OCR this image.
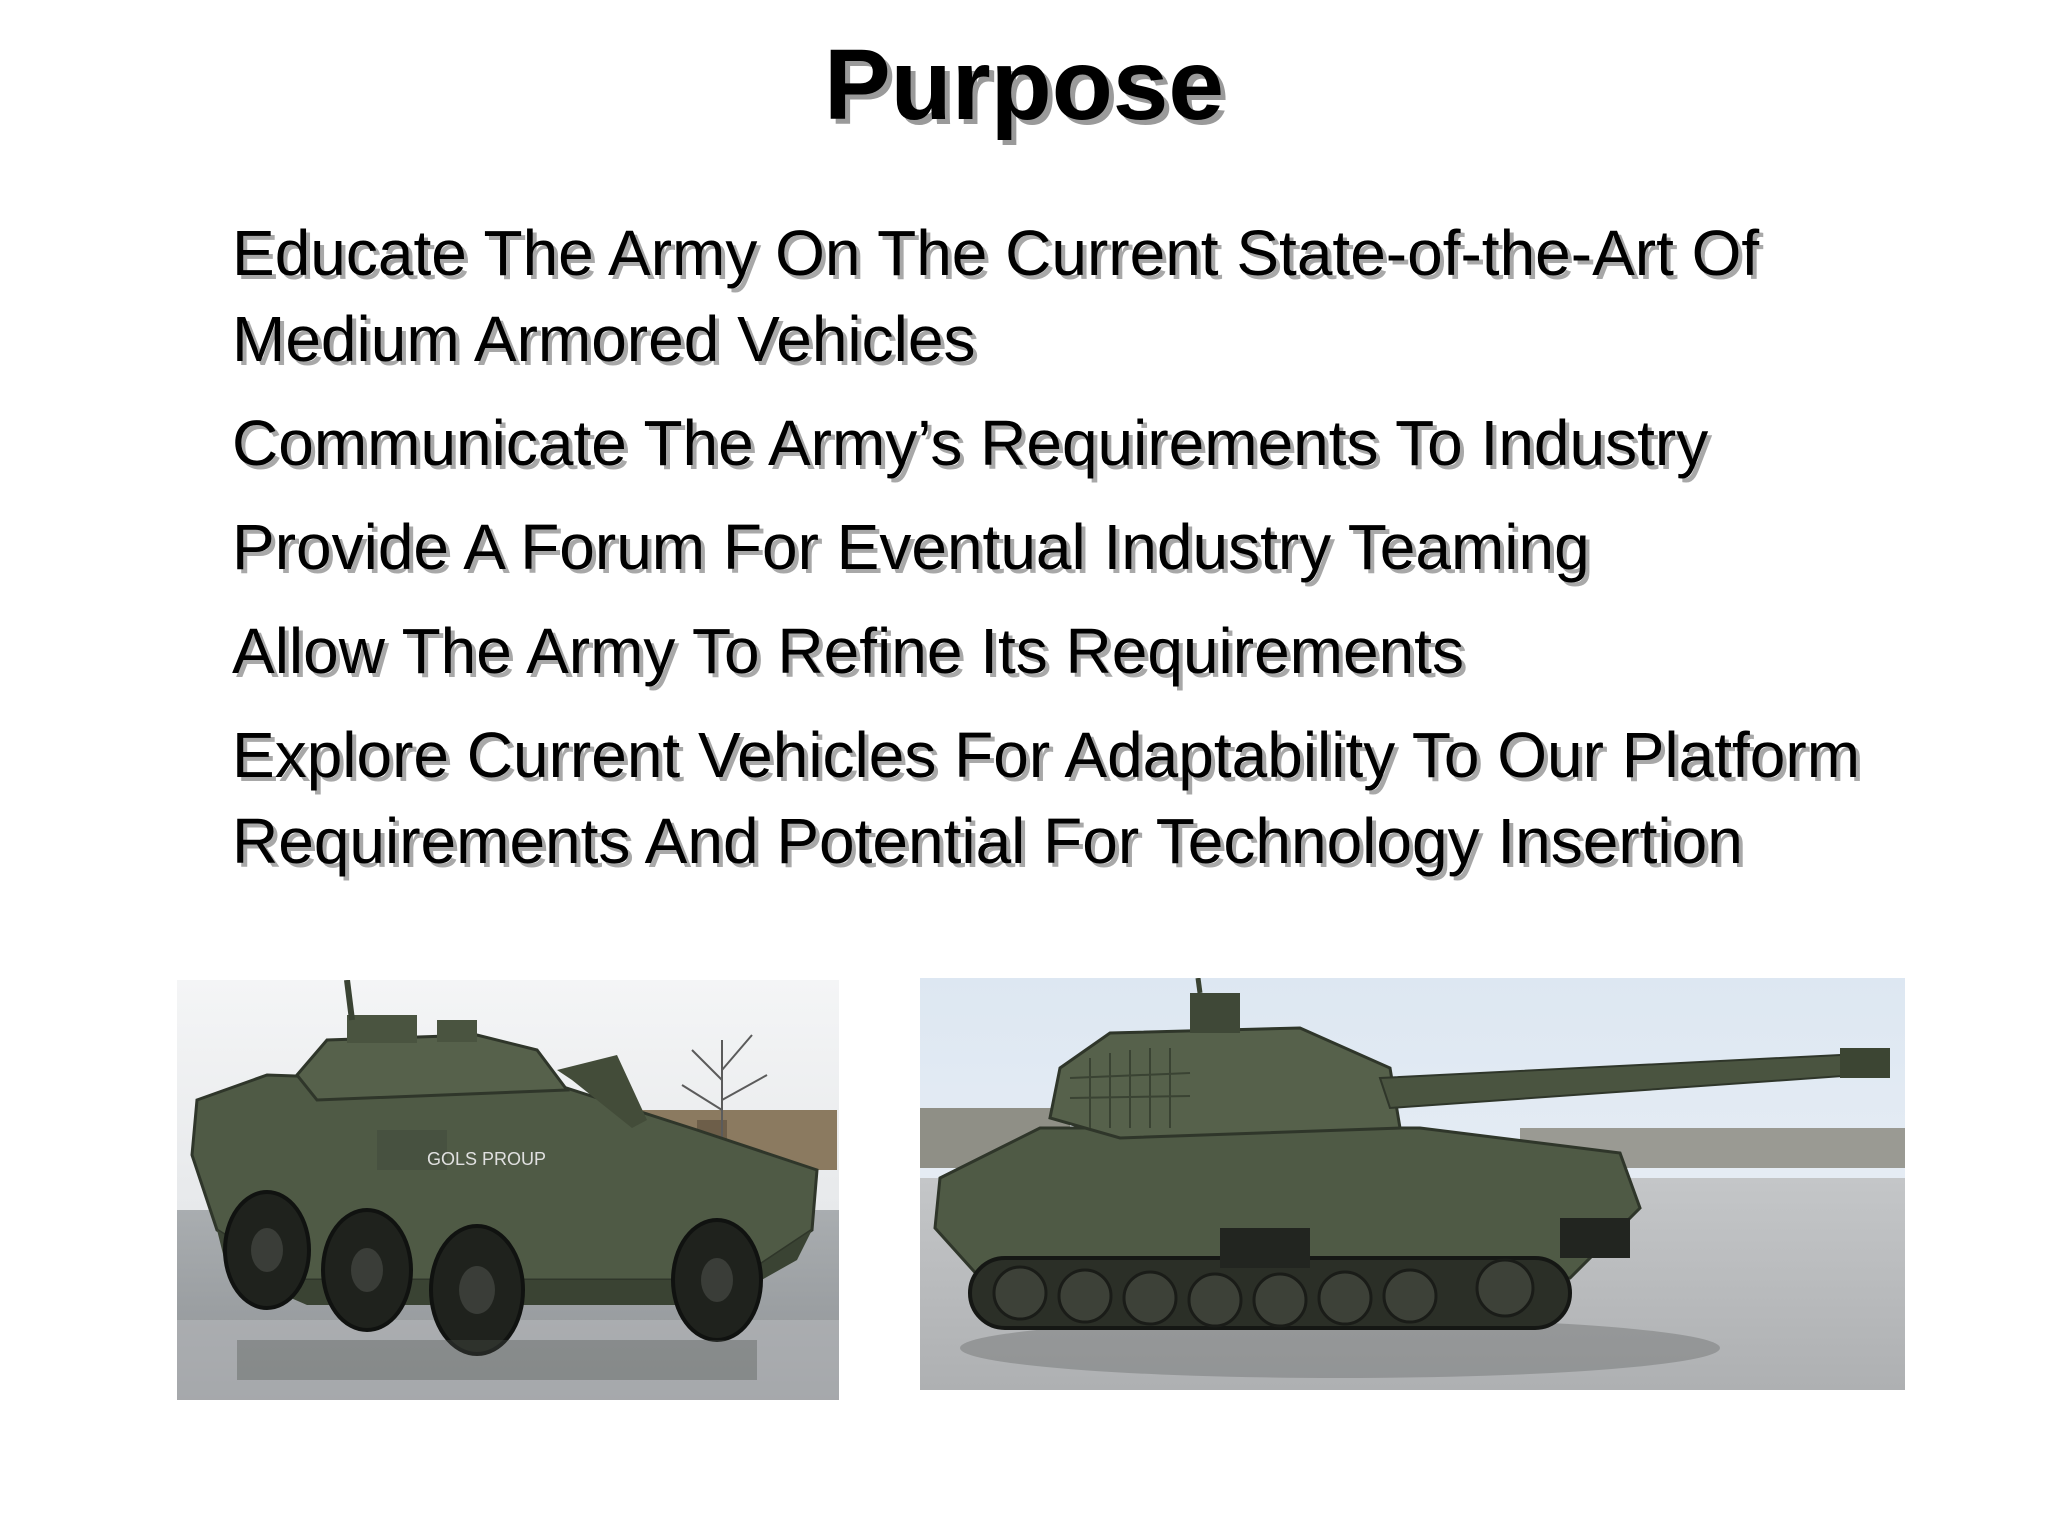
Purpose
Educate The Army On The Current State-of-the-Art Of Medium Armored Vehicles
Communicate The Army’s Requirements To Industry
Provide A Forum For Eventual Industry Teaming
Allow The Army To Refine Its Requirements
Explore Current Vehicles For Adaptability To Our Platform Requirements And Potential For Technology Insertion
GOLS PROUP
